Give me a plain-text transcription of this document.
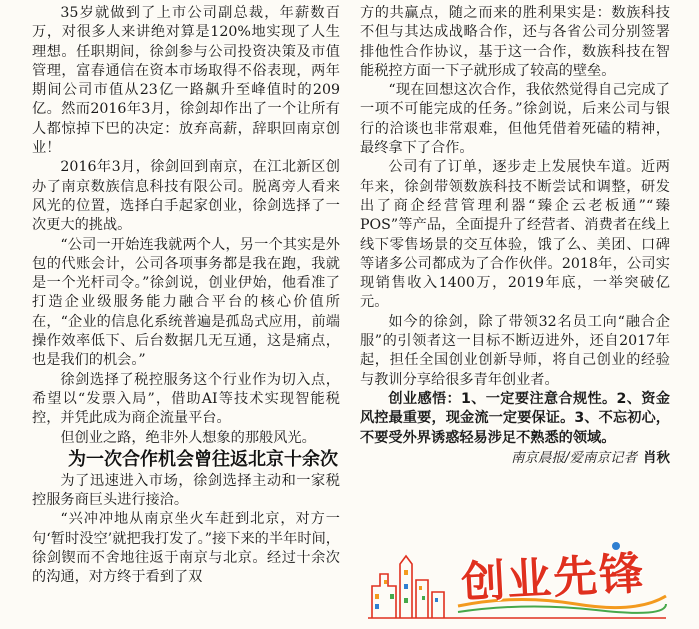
35岁就做到了上市公司副总裁，年薪数百万，对很多人来讲绝对算是120%地实现了人生理想。任职期间，徐剑参与公司投资决策及市值管理，富春通信在资本市场取得不俗表现，两年期间公司市值从23亿一路飙升至峰值时的209亿。然而2016年3月，徐剑却作出了一个让所有人都惊掉下巴的决定：放弃高薪，辞职回南京创业！

2016年3月，徐剑回到南京，在江北新区创办了南京数族信息科技有限公司。脱离旁人看来风光的位置，选择白手起家创业，徐剑选择了一次更大的挑战。

“公司一开始连我就两个人，另一个其实是外包的代账会计，公司各项事务都是我在跑，我就是一个光杆司令。”徐剑说，创业伊始，他看准了打造企业级服务能力融合平台的核心价值所在，“企业的信息化系统普遍是孤岛式应用，前端操作效率低下、后台数据几无互通，这是痛点，也是我们的机会。”

徐剑选择了税控服务这个行业作为切入点，希望以“发票入局”，借助AI等技术实现智能税控，并凭此成为商企流量平台。

但创业之路，绝非外人想象的那般风光。

为一次合作机会曾往返北京十余次

为了迅速进入市场，徐剑选择主动和一家税控服务商巨头进行接洽。

“兴冲冲地从南京坐火车赶到北京，对方一句‘暂时没空’就把我打发了。”接下来的半年时间，徐剑锲而不舍地往返于南京与北京。经过十余次的沟通，对方终于看到了双

方的共赢点，随之而来的胜利果实是：数族科技不但与其达成战略合作，还与各省公司分别签署排他性合作协议，基于这一合作，数族科技在智能税控方面一下子就形成了较高的壁垒。

“现在回想这次合作，我依然觉得自己完成了一项不可能完成的任务。”徐剑说，后来公司与银行的洽谈也非常艰难，但他凭借着死磕的精神，最终拿下了合作。

公司有了订单，逐步走上发展快车道。近两年来，徐剑带领数族科技不断尝试和调整，研发出了商企经营管理利器“臻企云老板通”“臻POS”等产品，全面提升了经营者、消费者在线上线下零售场景的交互体验，饿了么、美团、口碑等诸多公司都成为了合作伙伴。2018年，公司实现销售收入1400万，2019年底，一举突破亿元。

如今的徐剑，除了带领32名员工向“融合企服”的引领者这一目标不断迈进外，还自2017年起，担任全国创业创新导师，将自己创业的经验与教训分享给很多青年创业者。

创业感悟：1、一定要注意合规性。2、资金风控最重要，现金流一定要保证。3、不忘初心，不要受外界诱惑轻易涉足不熟悉的领域。

南京晨报/爱南京记者 肖秋
创业先锋
